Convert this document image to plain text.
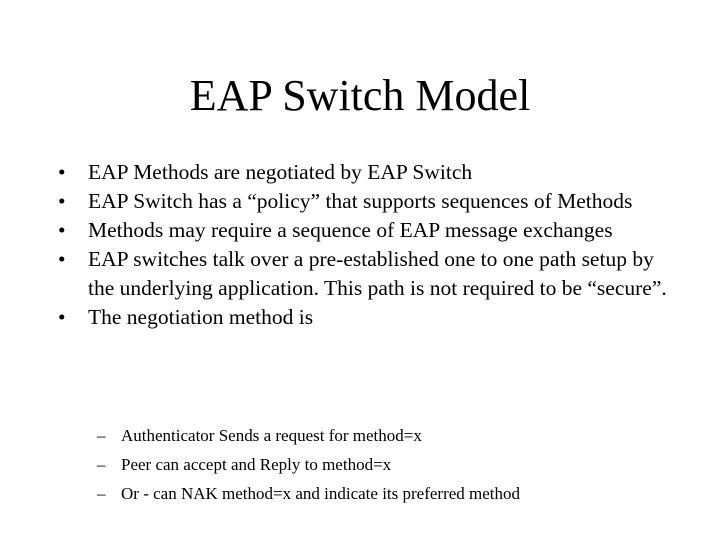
EAP Switch Model
• EAP Methods are negotiated by EAP Switch
• EAP Switch has a “policy” that supports sequences of Methods
• Methods may require a sequence of EAP message exchanges
• EAP switches talk over a pre-established one to one path setup by the underlying application. This path is not required to be “secure”.
• The negotiation method is
– Authenticator Sends a request for method=x
– Peer can accept and Reply to method=x
– Or - can NAK method=x and indicate its preferred method
